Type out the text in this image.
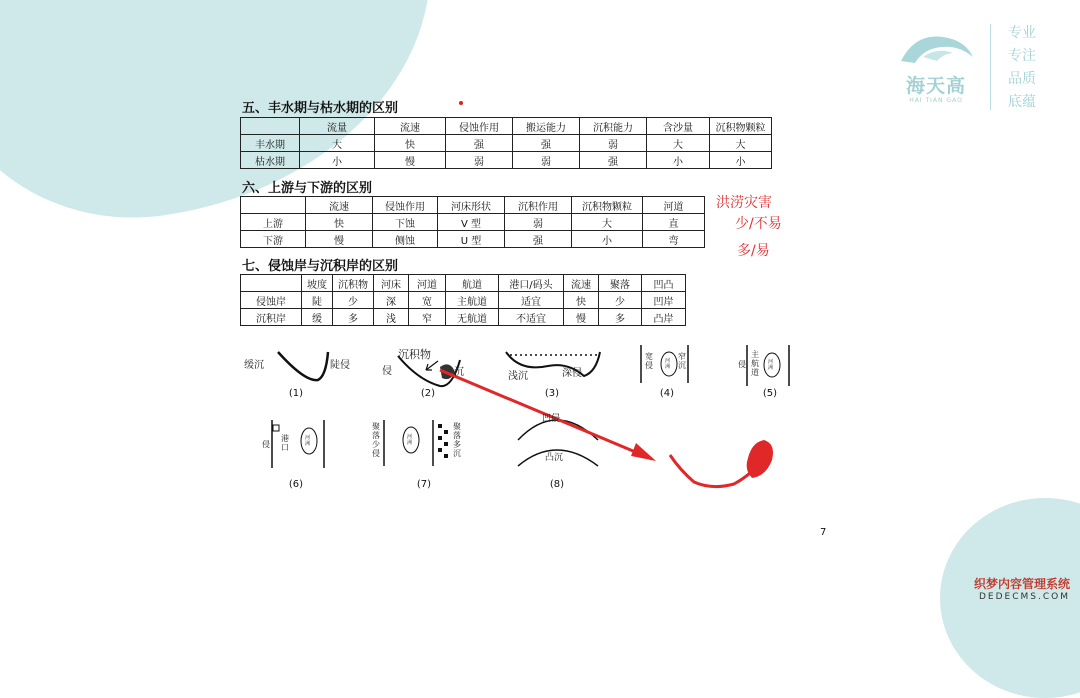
海天高
HAI TIAN GAO
专业
专注
品质
底蕴
五、丰水期与枯水期的区别
	流量	流速	侵蚀作用	搬运能力	沉积能力	含沙量	沉积物颗粒
丰水期	大	快	强	强	弱	大	大
枯水期	小	慢	弱	弱	强	小	小
六、上游与下游的区别
	流速	侵蚀作用	河床形状	沉积作用	沉积物颗粒	河道
上游	快	下蚀	V 型	弱	大	直
下游	慢	侧蚀	U 型	强	小	弯
七、侵蚀岸与沉积岸的区别
	坡度	沉积物	河床	河道	航道	港口/码头	流速	聚落	凹凸
侵蚀岸	陡	少	深	宽	主航道	适宜	快	少	凹岸
沉积岸	缓	多	浅	窄	无航道	不适宜	慢	多	凸岸
洪涝灾害
少/不易
多/易
缓沉	陡侵
沉积物
侵	沉	浅沉	深侵
宽侵
窄沉
河洲	侵
主航道
河洲
侵
港口
河洲
聚落少侵
聚落多沉
河洲
凹侵
凸沉
(1)	(2)	(3)	(4)	(5)
(6)	(7)	(8)
7
织梦内容管理系统
DEDECMS.COM
